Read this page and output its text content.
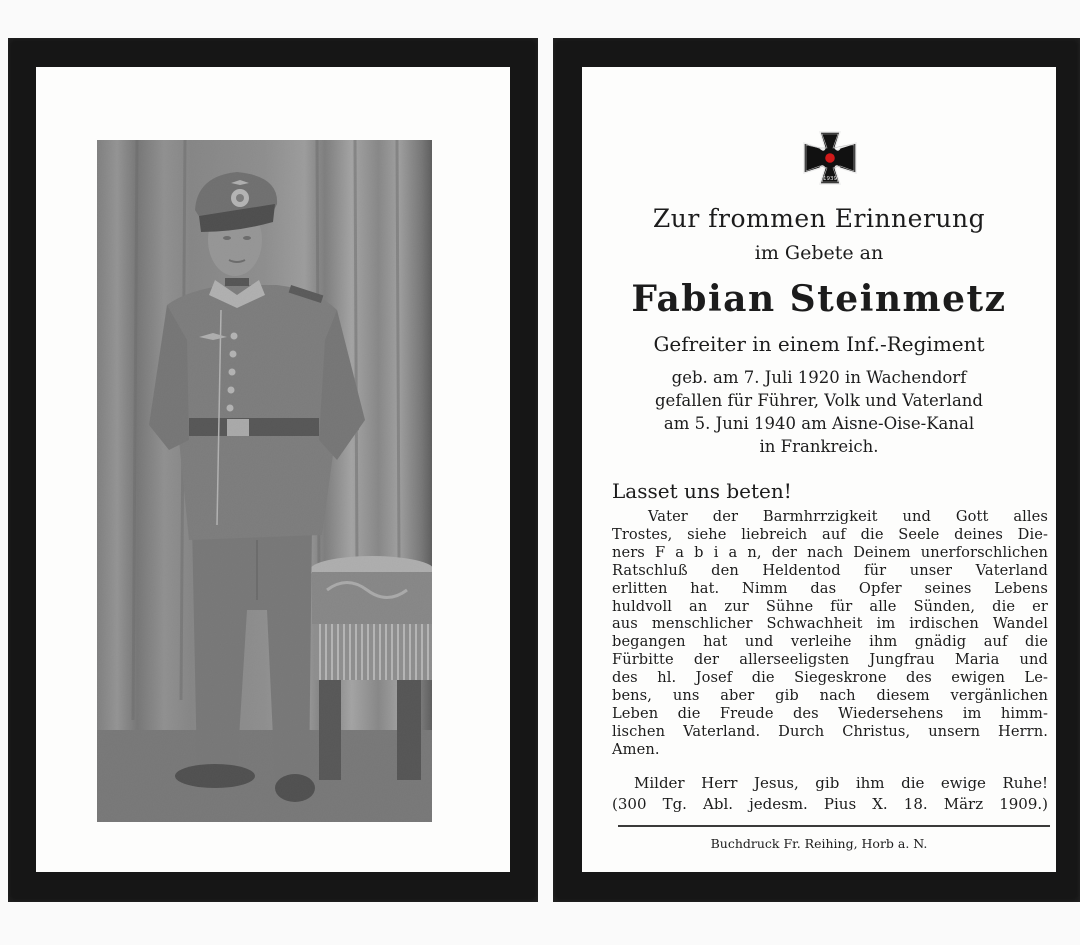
1939
Zur frommen Erinnerung
im Gebete an
Fabian Steinmetz
Gefreiter in einem Inf.-Regiment
geb. am 7. Juli 1920 in Wachendorf
gefallen für Führer, Volk und Vaterland
am 5. Juni 1940 am Aisne-Oise-Kanal
in Frankreich.
Lasset uns beten!
Vater der Barmhrrzigkeit und Gott alles
Trostes, siehe liebreich auf die Seele deines Die-
ners F a b i a n, der nach Deinem unerforschlichen
Ratschluß den Heldentod für unser Vaterland
erlitten hat. Nimm das Opfer seines Lebens
huldvoll an zur Sühne für alle Sünden, die er
aus menschlicher Schwachheit im irdischen Wandel
begangen hat und verleihe ihm gnädig auf die
Fürbitte der allerseeligsten Jungfrau Maria und
des hl. Josef die Siegeskrone des ewigen Le-
bens, uns aber gib nach diesem vergänlichen
Leben die Freude des Wiedersehens im himm-
lischen Vaterland. Durch Christus, unsern Herrn.
Amen.
Milder Herr Jesus, gib ihm die ewige Ruhe!
(300 Tg. Abl. jedesm. Pius X. 18. März 1909.)
Buchdruck Fr. Reihing, Horb a. N.
